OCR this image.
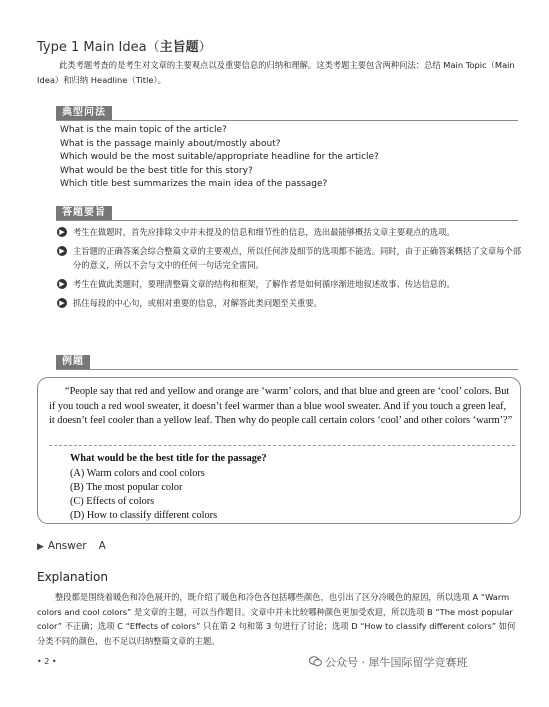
Type 1 Main Idea（主旨题）
此类考题考查的是考生对文章的主要观点以及重要信息的归纳和理解。这类考题主要包含两种问法：总结 Main Topic（Main Idea）和归纳 Headline（Title）。
典型问法
What is the main topic of the article?
What is the passage mainly about/mostly about?
Which would be the most suitable/appropriate headline for the article?
What would be the best title for this story?
Which title best summarizes the main idea of the passage?
答题要旨
▶ 考生在做题时，首先应排除文中并未提及的信息和细节性的信息，选出最能够概括文章主要观点的选项。
▶ 主旨题的正确答案会综合整篇文章的主要观点，所以任何涉及细节的选项都不能选。同时，由于正确答案概括了文章每个部分的意义，所以不会与文中的任何一句话完全雷同。
▶ 考生在做此类题时，要理清整篇文章的结构和框架，了解作者是如何循序渐进地叙述故事、传达信息的。
▶ 抓住每段的中心句，或相对重要的信息，对解答此类问题至关重要。
例题
“People say that red and yellow and orange are ‘warm’ colors, and that blue and green are ‘cool’ colors. But if you touch a red wool sweater, it doesn’t feel warmer than a blue wool sweater. And if you touch a green leaf, it doesn’t feel cooler than a yellow leaf. Then why do people call certain colors ‘cool’ and other colors ‘warm’?”
What would be the best title for the passage?
(A) Warm colors and cool colors
(B) The most popular color
(C) Effects of colors
(D) How to classify different colors
▶ Answer A
Explanation
整段都是围绕着暖色和冷色展开的，既介绍了暖色和冷色各包括哪些颜色，也引出了区分冷暖色的原因，所以选项 A “Warm colors and cool colors” 是文章的主题，可以当作题目。文章中并未比较哪种颜色更加受欢迎，所以选项 B “The most popular color” 不正确；选项 C “Effects of colors” 只在第 2 句和第 3 句进行了讨论；选项 D “How to classify different colors” 如何分类不同的颜色，也不足以归纳整篇文章的主题。
• 2 •	公众号 · 犀牛国际留学竞赛班
